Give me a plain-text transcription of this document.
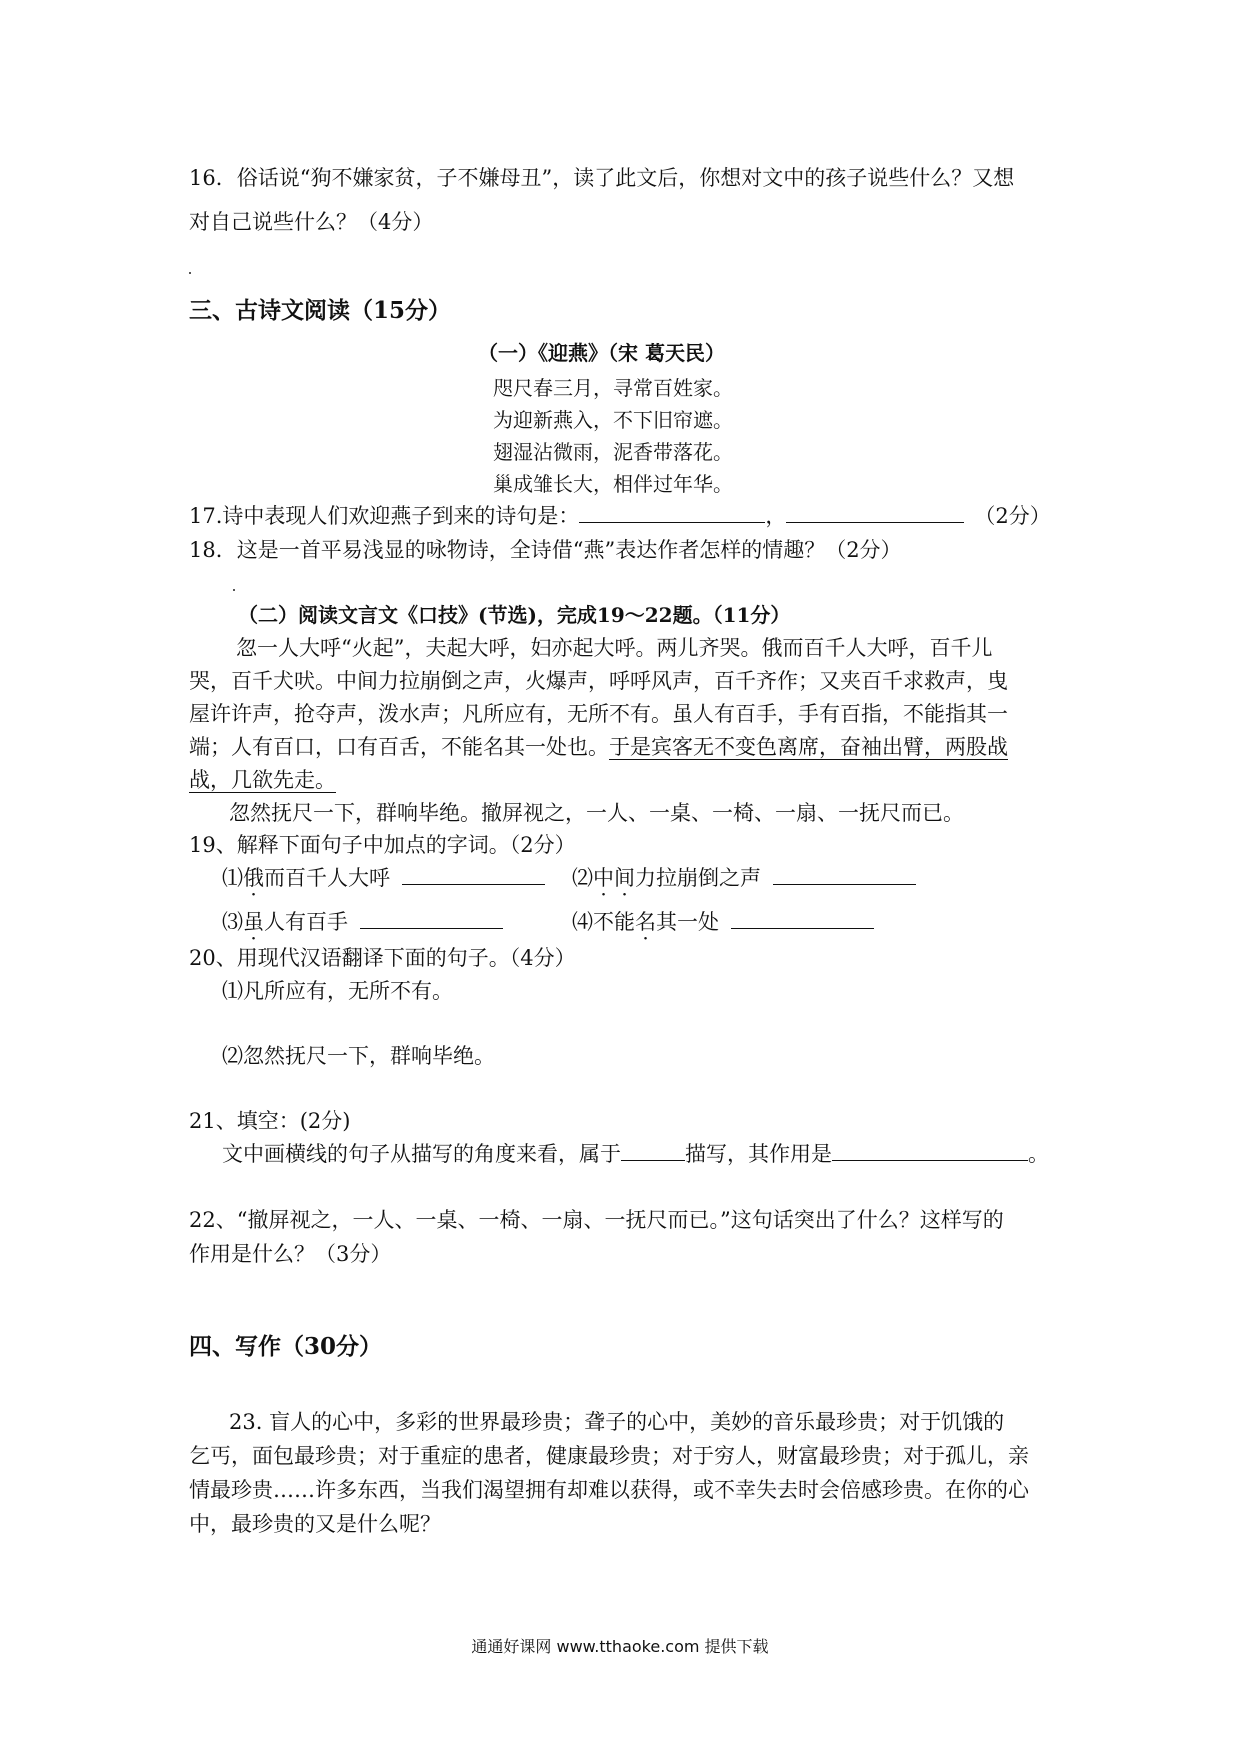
16．俗话说“狗不嫌家贫，子不嫌母丑”，读了此文后，你想对文中的孩子说些什么？又想
对自己说些什么？（4分）
三、古诗文阅读（15分）
（一）《迎燕》（宋 葛天民）
咫尺春三月，寻常百姓家。
为迎新燕入，不下旧帘遮。
翅湿沾微雨，泥香带落花。
巢成雏长大，相伴过年华。
17.诗中表现人们欢迎燕子到来的诗句是：	，	（2分）
18．这是一首平易浅显的咏物诗，全诗借“燕”表达作者怎样的情趣？（2分）
（二）阅读文言文《口技》(节选)，完成19～22题。（11分）
忽一人大呼“火起”，夫起大呼，妇亦起大呼。两儿齐哭。俄而百千人大呼，百千儿
哭，百千犬吠。中间力拉崩倒之声，火爆声，呼呼风声，百千齐作；又夹百千求救声，曳
屋许许声，抢夺声，泼水声；凡所应有，无所不有。虽人有百手，手有百指，不能指其一
端；人有百口，口有百舌，不能名其一处也。于是宾客无不变色离席，奋袖出臂，两股战
战，几欲先走。
忽然抚尺一下，群响毕绝。撤屏视之，一人、一桌、一椅、一扇、一抚尺而已。
19、解释下面句子中加点的字词。（2分）
⑴俄而百千人大呼	⑵中间力拉崩倒之声
⑶虽人有百手	⑷不能名其一处
20、用现代汉语翻译下面的句子。（4分）
⑴凡所应有，无所不有。
⑵忽然抚尺一下，群响毕绝。
21、填空：(2分)
文中画横线的句子从描写的角度来看，属于	描写，其作用是	。
22、“撤屏视之，一人、一桌、一椅、一扇、一抚尺而已。”这句话突出了什么？这样写的
作用是什么？（3分）
四、写作（30分）
23. 盲人的心中，多彩的世界最珍贵；聋子的心中，美妙的音乐最珍贵；对于饥饿的
乞丐，面包最珍贵；对于重症的患者，健康最珍贵；对于穷人，财富最珍贵；对于孤儿，亲
情最珍贵……许多东西，当我们渴望拥有却难以获得，或不幸失去时会倍感珍贵。在你的心
中，最珍贵的又是什么呢？
通通好课网 www.tthaoke.com 提供下载
